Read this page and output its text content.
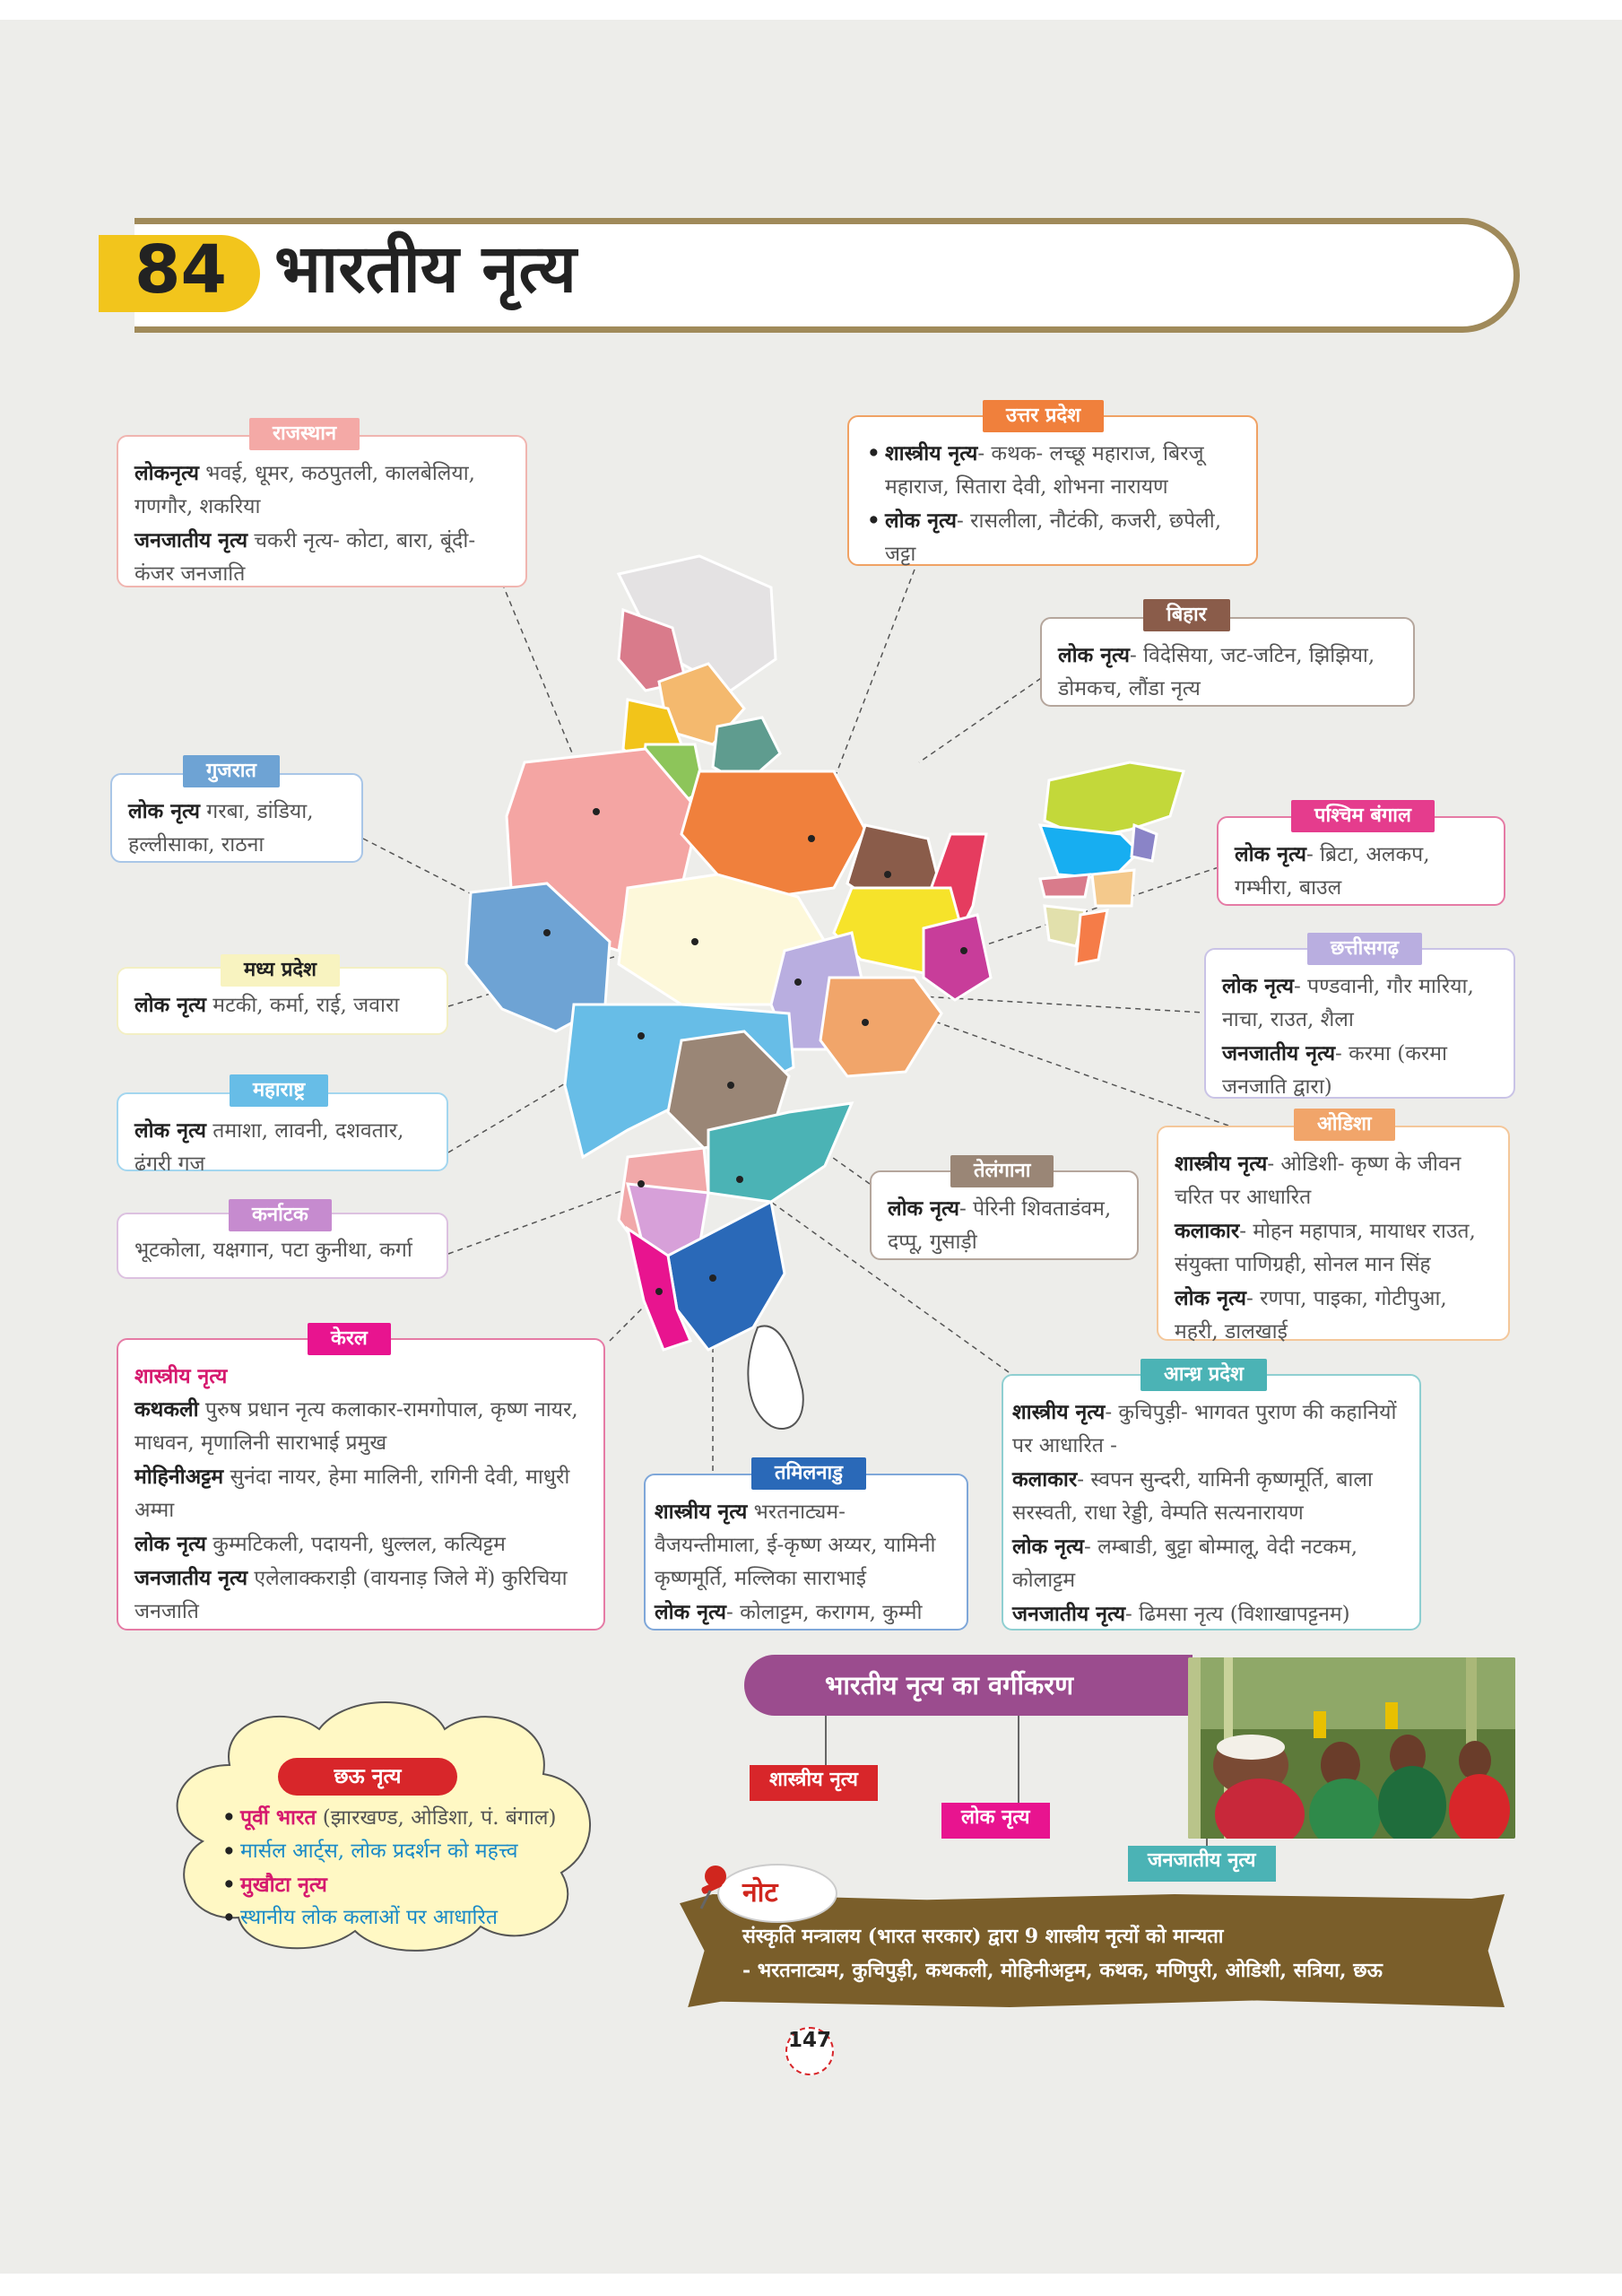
84 भारतीय नृत्य

लोकनृत्य भवई, धूमर, कठपुतली, कालबेलिया, गणगौर, शकरिया

जनजातीय नृत्य चकरी नृत्य- कोटा, बारा, बूंदी- कंजर जनजाति

राजस्थान

• शास्त्रीय नृत्य- कथक- लच्छू महाराज, बिरजू महाराज, सितारा देवी, शोभना नारायण

• लोक नृत्य- रासलीला, नौटंकी, कजरी, छपेली, जट्टा

उत्तर प्रदेश

लोक नृत्य- विदेसिया, जट-जटिन, झिझिया, डोमकच, लौंडा नृत्य

बिहार

लोक नृत्य गरबा, डांडिया, हल्लीसाका, राठना

गुजरात

लोक नृत्य- ब्रिटा, अलकप, गम्भीरा, बाउल

पश्चिम बंगाल

लोक नृत्य मटकी, कर्मा, राई, जवारा

मध्य प्रदेश

लोक नृत्य- पण्डवानी, गौर मारिया, नाचा, राउत, शैला

जनजातीय नृत्य- करमा (करमा जनजाति द्वारा)

छत्तीसगढ़

लोक नृत्य तमाशा, लावनी, दशवतार, ढंगरी गज

महाराष्ट्र

शास्त्रीय नृत्य- ओडिशी- कृष्ण के जीवन चरित पर आधारित

कलाकार- मोहन महापात्र, मायाधर राउत, संयुक्ता पाणिग्रही, सोनल मान सिंह

लोक नृत्य- रणपा, पाइका, गोटीपुआ, महरी, डालखाई

ओडिशा

लोक नृत्य- पेरिनी शिवताडंवम, दप्पू, गुसाड़ी

तेलंगाना

भूटकोला, यक्षगान, पटा कुनीथा, कर्गा

कर्नाटक

शास्त्रीय नृत्य

कथकली पुरुष प्रधान नृत्य कलाकार-रामगोपाल, कृष्ण नायर, माधवन, मृणालिनी साराभाई प्रमुख

मोहिनीअट्टम सुनंदा नायर, हेमा मालिनी, रागिनी देवी, माधुरी अम्मा

लोक नृत्य कुम्मटिकली, पदायनी, धुल्लल, कत्यिट्टम

जनजातीय नृत्य एलेलाक्कराड़ी (वायनाड़ जिले में) कुरिचिया जनजाति

केरल

शास्त्रीय नृत्य भरतनाट्यम- वैजयन्तीमाला, ई-कृष्ण अय्यर, यामिनी कृष्णमूर्ति, मल्लिका साराभाई

लोक नृत्य- कोलाट्टम, करागम, कुम्मी

तमिलनाडु

शास्त्रीय नृत्य- कुचिपुड़ी- भागवत पुराण की कहानियों पर आधारित -

कलाकार- स्वपन सुन्दरी, यामिनी कृष्णमूर्ति, बाला सरस्वती, राधा रेड्डी, वेम्पति सत्यनारायण

लोक नृत्य- लम्बाडी, बुट्टा बोम्मालू, वेदी नटकम, कोलाट्टम

जनजातीय नृत्य- ढिमसा नृत्य (विशाखापट्टनम)

आन्ध्र प्रदेश
भारतीय नृत्य का वर्गीकरण
शास्त्रीय नृत्य
लोक नृत्य
जनजातीय नृत्य
छऊ नृत्य
• पूर्वी भारत (झारखण्ड, ओडिशा, पं. बंगाल)
• मार्सल आर्ट्स, लोक प्रदर्शन को महत्त्व
• मुखौटा नृत्य
• स्थानीय लोक कलाओं पर आधारित
नोट
संस्कृति मन्त्रालय (भारत सरकार) द्वारा 9 शास्त्रीय नृत्यों को मान्यता
- भरतनाट्यम, कुचिपुड़ी, कथकली, मोहिनीअट्टम, कथक, मणिपुरी, ओडिशी, सत्रिया, छऊ
147
